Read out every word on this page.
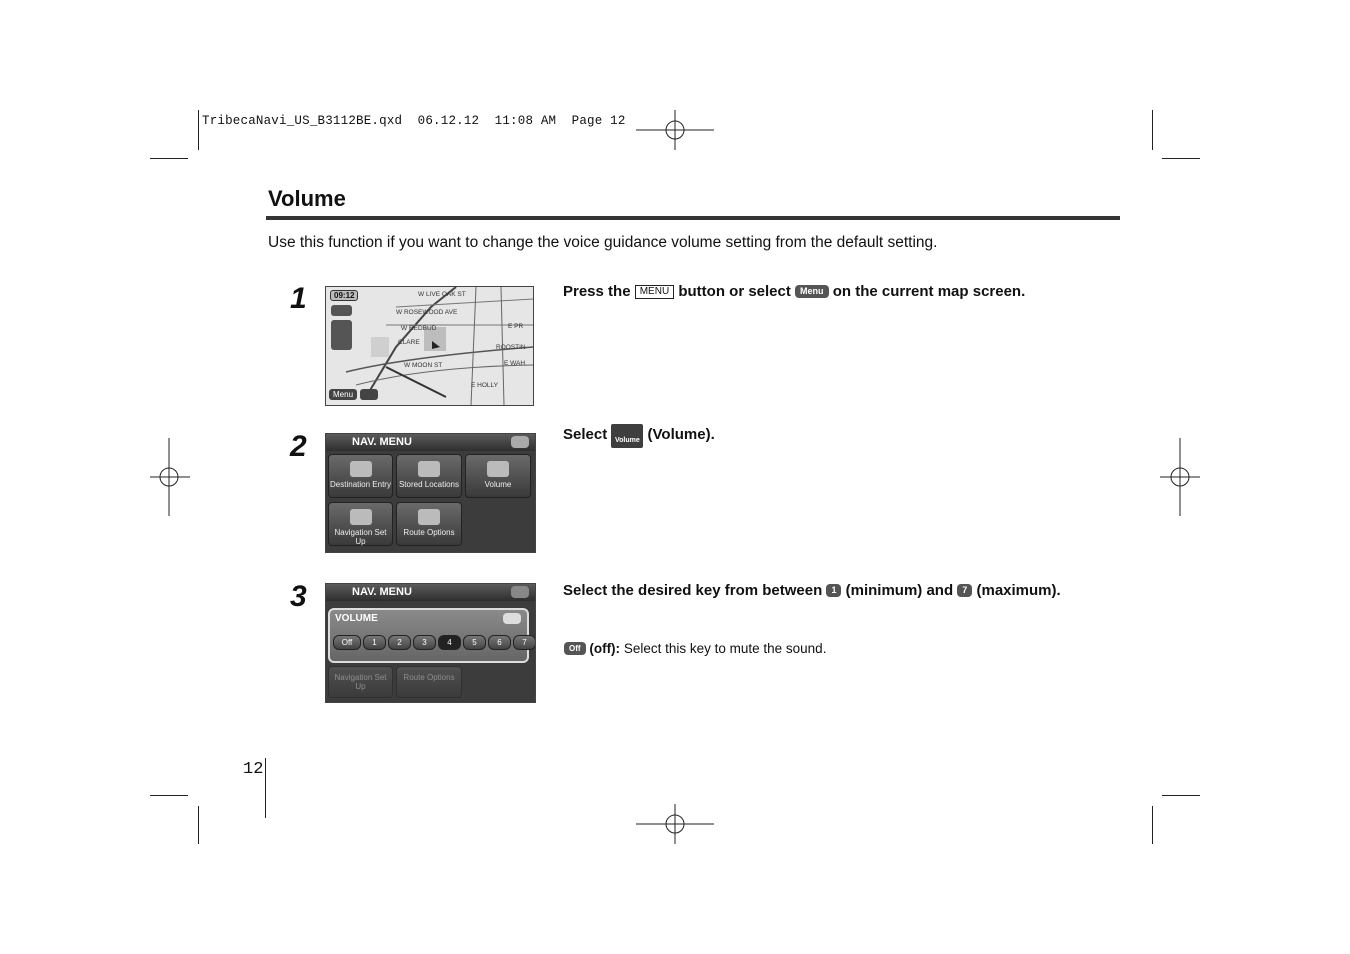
TribecaNavi_US_B3112BE.qxd  06.12.12  11:08 AM  Page 12
Volume
Use this function if you want to change the voice guidance volume setting from the default setting.
1	09:12
Menu
W LIVE OAK ST
W ROSEWOOD AVE
W REDBUD
CLARE
W MOON ST
E PR
ROOSTIN
E WAH
E HOLLY
Press the MENU button or select Menu on the current map screen.
2	NAV. MENU
Destination Entry	Stored Locations	Volume
Navigation Set Up
Route Options
Select Volume (Volume).
3	NAV. MENU
Navigation Set Up
Route Options
VOLUME
Off	1	2	3	4	5	6	7
Select the desired key from between 1 (minimum) and 7 (maximum).
Off (off): Select this key to mute the sound.
12
